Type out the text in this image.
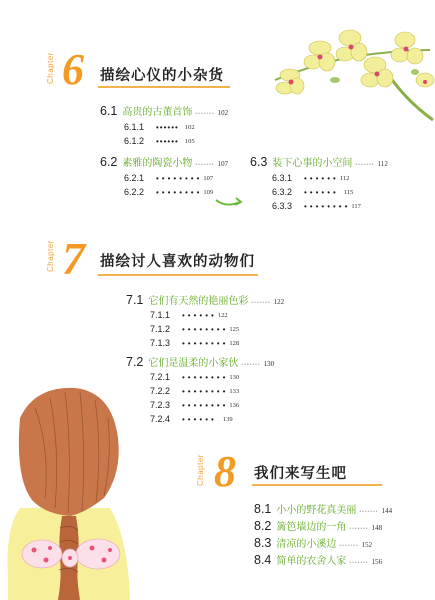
Chapter 6 描绘心仪的小杂货
6.1 高贵的古董首饰 ••••••• 102
6.1.1	•••••• 102
6.1.2	•••••• 105
6.2 素雅的陶瓷小物 ••••••• 107
6.2.1	•••••••• 107
6.2.2	•••••••• 109
6.3 装下心事的小空间 ••••••• 112
6.3.1	•••••• 112
6.3.2	•••••• 115
6.3.3	•••••••• 117
Chapter 7 描绘讨人喜欢的动物们
7.1 它们有天然的艳丽色彩 ••••••• 122
7.1.1	•••••• 122
7.1.2	•••••••• 125
7.1.3	•••••••• 128
7.2 它们是温柔的小家伙 ••••••• 130
7.2.1	•••••••• 130
7.2.2	•••••••• 133
7.2.3	•••••••• 136
7.2.4	•••••• 139
Chapter 8 我们来写生吧
8.1 小小的野花真美丽 ••••••• 144
8.2 篱笆墙边的一角 ••••••• 148
8.3 清凉的小溪边 ••••••• 152
8.4 简单的农舍人家 ••••••• 156
